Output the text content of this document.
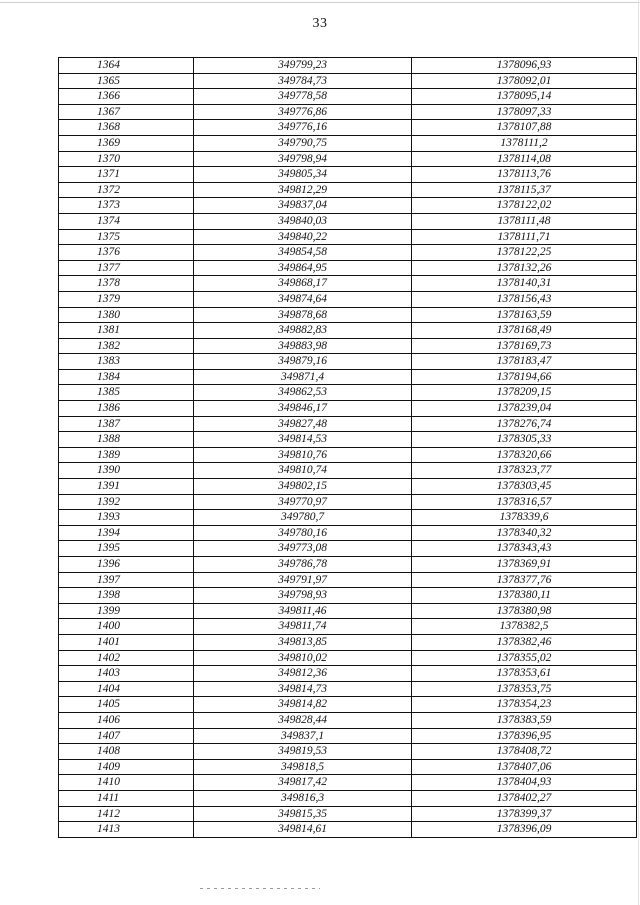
33
1364	349799,23	1378096,93
1365	349784,73	1378092,01
1366	349778,58	1378095,14
1367	349776,86	1378097,33
1368	349776,16	1378107,88
1369	349790,75	1378111,2
1370	349798,94	1378114,08
1371	349805,34	1378113,76
1372	349812,29	1378115,37
1373	349837,04	1378122,02
1374	349840,03	1378111,48
1375	349840,22	1378111,71
1376	349854,58	1378122,25
1377	349864,95	1378132,26
1378	349868,17	1378140,31
1379	349874,64	1378156,43
1380	349878,68	1378163,59
1381	349882,83	1378168,49
1382	349883,98	1378169,73
1383	349879,16	1378183,47
1384	349871,4	1378194,66
1385	349862,53	1378209,15
1386	349846,17	1378239,04
1387	349827,48	1378276,74
1388	349814,53	1378305,33
1389	349810,76	1378320,66
1390	349810,74	1378323,77
1391	349802,15	1378303,45
1392	349770,97	1378316,57
1393	349780,7	1378339,6
1394	349780,16	1378340,32
1395	349773,08	1378343,43
1396	349786,78	1378369,91
1397	349791,97	1378377,76
1398	349798,93	1378380,11
1399	349811,46	1378380,98
1400	349811,74	1378382,5
1401	349813,85	1378382,46
1402	349810,02	1378355,02
1403	349812,36	1378353,61
1404	349814,73	1378353,75
1405	349814,82	1378354,23
1406	349828,44	1378383,59
1407	349837,1	1378396,95
1408	349819,53	1378408,72
1409	349818,5	1378407,06
1410	349817,42	1378404,93
1411	349816,3	1378402,27
1412	349815,35	1378399,37
1413	349814,61	1378396,09
